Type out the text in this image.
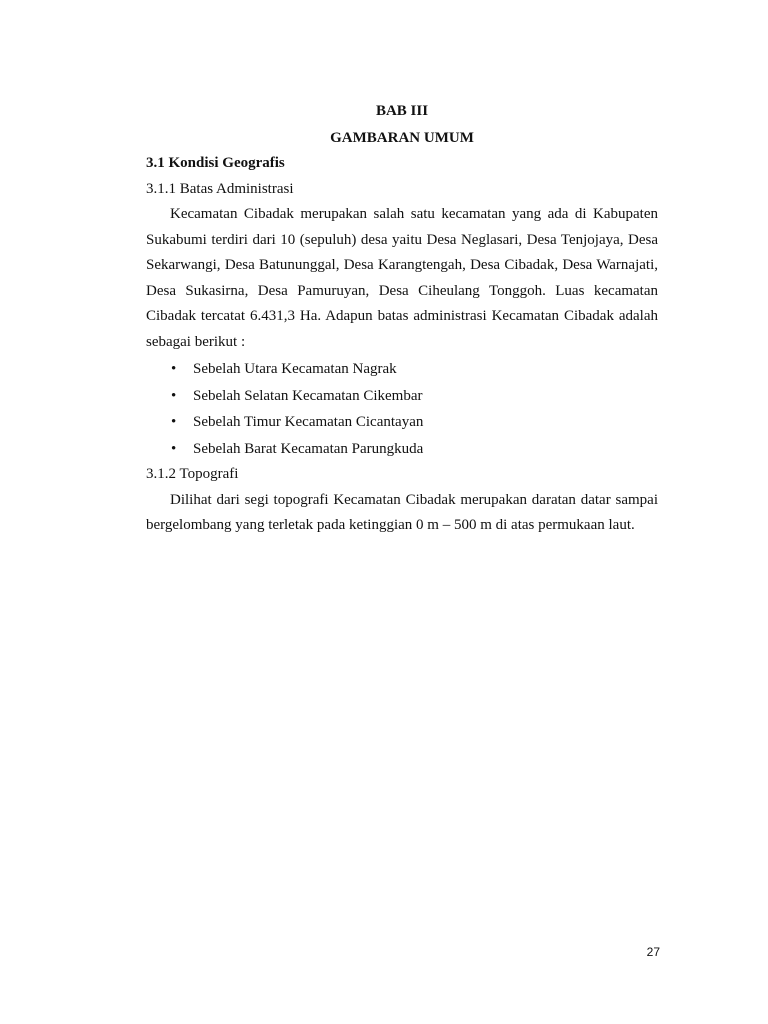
BAB III

GAMBARAN UMUM

3.1 Kondisi Geografis

3.1.1 Batas Administrasi

Kecamatan Cibadak merupakan salah satu kecamatan yang ada di Kabupaten Sukabumi terdiri dari 10 (sepuluh) desa yaitu Desa Neglasari, Desa Tenjojaya, Desa Sekarwangi, Desa Batununggal, Desa Karangtengah, Desa Cibadak, Desa Warnajati, Desa Sukasirna, Desa Pamuruyan, Desa Ciheulang Tonggoh. Luas kecamatan Cibadak tercatat 6.431,3 Ha. Adapun batas administrasi Kecamatan Cibadak adalah sebagai berikut :

• Sebelah Utara Kecamatan Nagrak
• Sebelah Selatan Kecamatan Cikembar
• Sebelah Timur Kecamatan Cicantayan
• Sebelah Barat Kecamatan Parungkuda

3.1.2 Topografi

Dilihat dari segi topografi Kecamatan Cibadak merupakan daratan datar sampai bergelombang yang terletak pada ketinggian 0 m – 500 m di atas permukaan laut.

27
